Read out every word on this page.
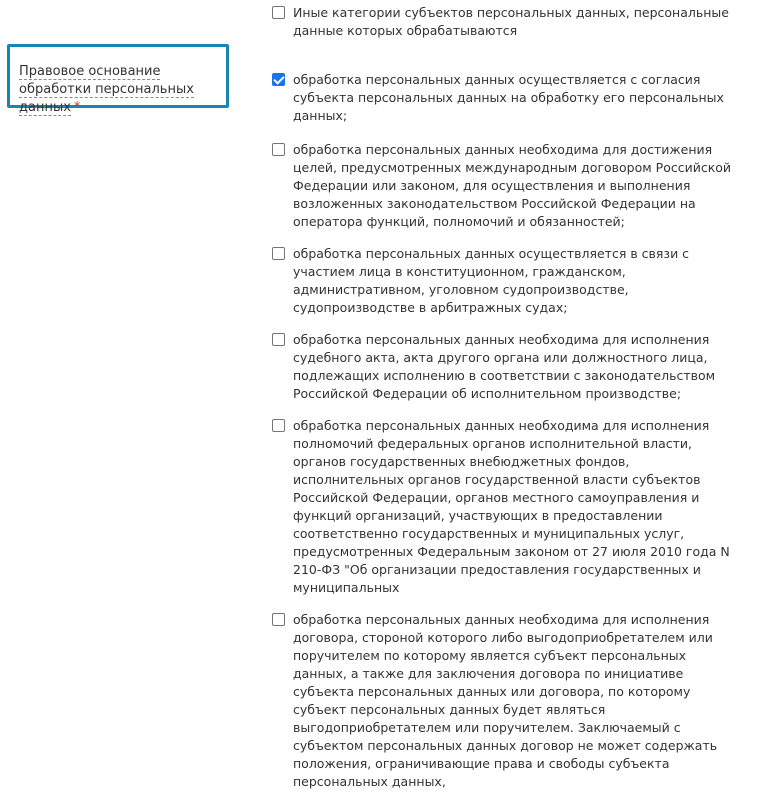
Правовое основание обработки персональных данных *
Иные категории субъектов персональных данных, персональные данные которых обрабатываются
обработка персональных данных осуществляется с согласия субъекта персональных данных на обработку его персональных данных;
обработка персональных данных необходима для достижения целей, предусмотренных международным договором Российской Федерации или законом, для осуществления и выполнения возложенных законодательством Российской Федерации на оператора функций, полномочий и обязанностей;
обработка персональных данных осуществляется в связи с участием лица в конституционном, гражданском, административном, уголовном судопроизводстве, судопроизводстве в арбитражных судах;
обработка персональных данных необходима для исполнения судебного акта, акта другого органа или должностного лица, подлежащих исполнению в соответствии с законодательством Российской Федерации об исполнительном производстве;
обработка персональных данных необходима для исполнения полномочий федеральных органов исполнительной власти, органов государственных внебюджетных фондов, исполнительных органов государственной власти субъектов Российской Федерации, органов местного самоуправления и функций организаций, участвующих в предоставлении соответственно государственных и муниципальных услуг, предусмотренных Федеральным законом от 27 июля 2010 года N 210-ФЗ "Об организации предоставления государственных и муниципальных
обработка персональных данных необходима для исполнения договора, стороной которого либо выгодоприобретателем или поручителем по которому является субъект персональных данных, а также для заключения договора по инициативе субъекта персональных данных или договора, по которому субъект персональных данных будет являться выгодоприобретателем или поручителем. Заключаемый с субъектом персональных данных договор не может содержать положения, ограничивающие права и свободы субъекта персональных данных,
